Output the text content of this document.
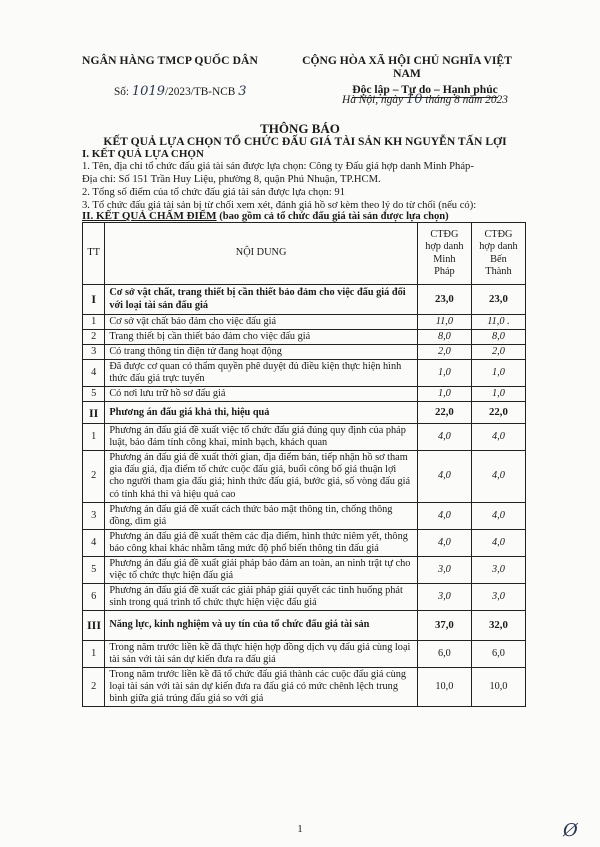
NGÂN HÀNG TMCP QUỐC DÂN
Số: 1019/2023/TB-NCB 3
CỘNG HÒA XÃ HỘI CHỦ NGHĨA VIỆT NAM
Độc lập – Tự do – Hạnh phúc
Hà Nội, ngày 10 tháng 8 năm 2023
THÔNG BÁO
KẾT QUẢ LỰA CHỌN TỔ CHỨC ĐẤU GIÁ TÀI SẢN KH NGUYỄN TẤN LỢI
I. KẾT QUẢ LỰA CHỌN
1. Tên, địa chỉ tổ chức đấu giá tài sản được lựa chọn: Công ty Đấu giá hợp danh Minh Pháp-
Địa chỉ: Số 151 Trần Huy Liệu, phường 8, quận Phú Nhuận, TP.HCM.
2. Tổng số điểm của tổ chức đấu giá tài sản được lựa chọn: 91
3. Tổ chức đấu giá tài sản bị từ chối xem xét, đánh giá hồ sơ kèm theo lý do từ chối (nếu có):
II. KẾT QUẢ CHẤM ĐIỂM (bao gồm cả tổ chức đấu giá tài sản được lựa chọn)
TT	NỘI DUNG	CTĐG hợp danh Minh Pháp	CTĐG hợp danh Bến Thành
I	Cơ sở vật chất, trang thiết bị cần thiết bảo đảm cho việc đấu giá đối với loại tài sản đấu giá	23,0	23,0
1	Cơ sở vật chất bảo đảm cho việc đấu giá	11,0	11,0 .
2	Trang thiết bị cần thiết bảo đảm cho việc đấu giá	8,0	8,0
3	Có trang thông tin điện tử đang hoạt động	2,0	2,0
4	Đã được cơ quan có thẩm quyền phê duyệt đủ điều kiện thực hiện hình thức đấu giá trực tuyến	1,0	1,0
5	Có nơi lưu trữ hồ sơ đấu giá	1,0	1,0
II	Phương án đấu giá khả thi, hiệu quả	22,0	22,0
1	Phương án đấu giá đề xuất việc tổ chức đấu giá đúng quy định của pháp luật, bảo đảm tính công khai, minh bạch, khách quan	4,0	4,0
2	Phương án đấu giá đề xuất thời gian, địa điểm bán, tiếp nhận hồ sơ tham gia đấu giá, địa điểm tổ chức cuộc đấu giá, buổi công bố giá thuận lợi cho người tham gia đấu giá; hình thức đấu giá, bước giá, số vòng đấu giá có tính khả thi và hiệu quả cao	4,0	4,0
3	Phương án đấu giá đề xuất cách thức bảo mật thông tin, chống thông đồng, dìm giá	4,0	4,0
4	Phương án đấu giá đề xuất thêm các địa điểm, hình thức niêm yết, thông báo công khai khác nhằm tăng mức độ phổ biến thông tin đấu giá	4,0	4,0
5	Phương án đấu giá đề xuất giải pháp bảo đảm an toàn, an ninh trật tự cho việc tổ chức thực hiện đấu giá	3,0	3,0
6	Phương án đấu giá đề xuất các giải pháp giải quyết các tình huống phát sinh trong quá trình tổ chức thực hiện việc đấu giá	3,0	3,0
III	Năng lực, kinh nghiệm và uy tín của tổ chức đấu giá tài sản	37,0	32,0
1	Trong năm trước liền kề đã thực hiện hợp đồng dịch vụ đấu giá cùng loại tài sản với tài sản dự kiến đưa ra đấu giá	6,0	6,0
2	Trong năm trước liền kề đã tổ chức đấu giá thành các cuộc đấu giá cùng loại tài sản với tài sản dự kiến đưa ra đấu giá có mức chênh lệch trung bình giữa giá trúng đấu giá so với giá	10,0	10,0
1	Ø
